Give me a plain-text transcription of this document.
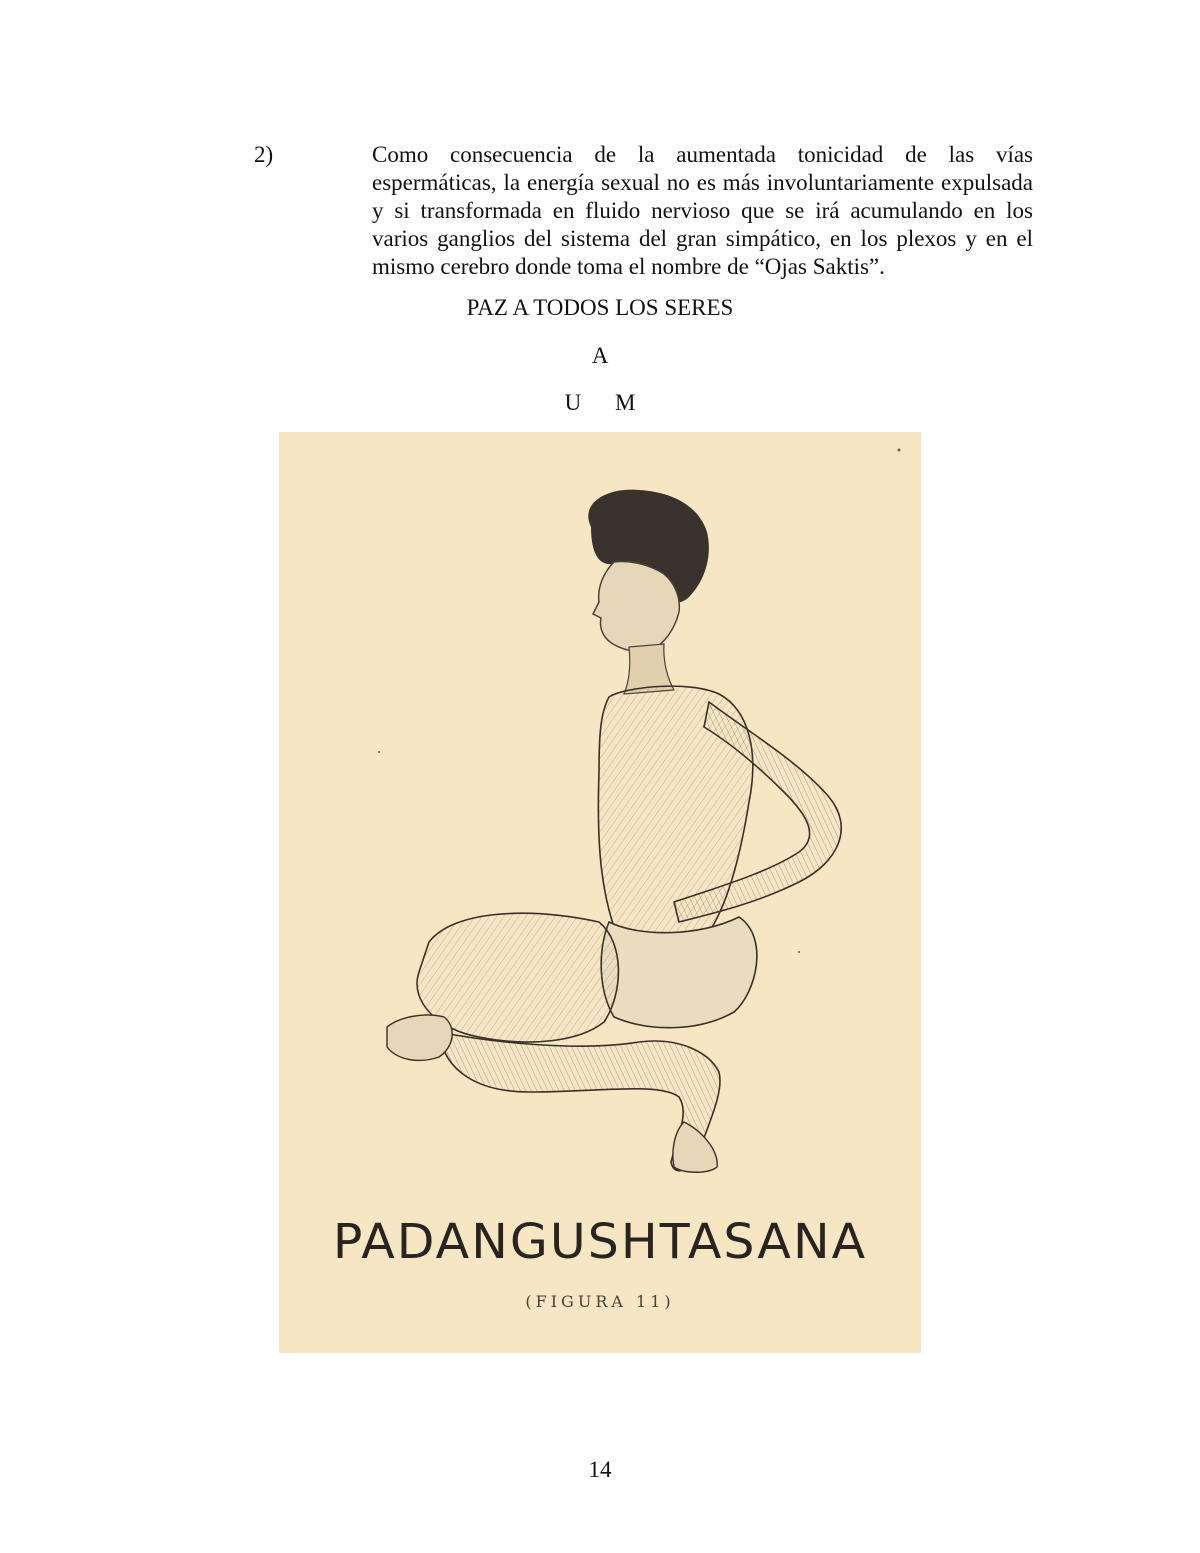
2)	Como consecuencia de la aumentada tonicidad de las vías espermáticas, la energía sexual no es más involuntariamente expulsada y si transformada en fluido nervioso que se irá acumulando en los varios ganglios del sistema del gran simpático, en los plexos y en el mismo cerebro donde toma el nombre de “Ojas Saktis”.

PAZ A TODOS LOS SERES
A
U M
PADANGUSHTASANA
(FIGURA 11)
14
